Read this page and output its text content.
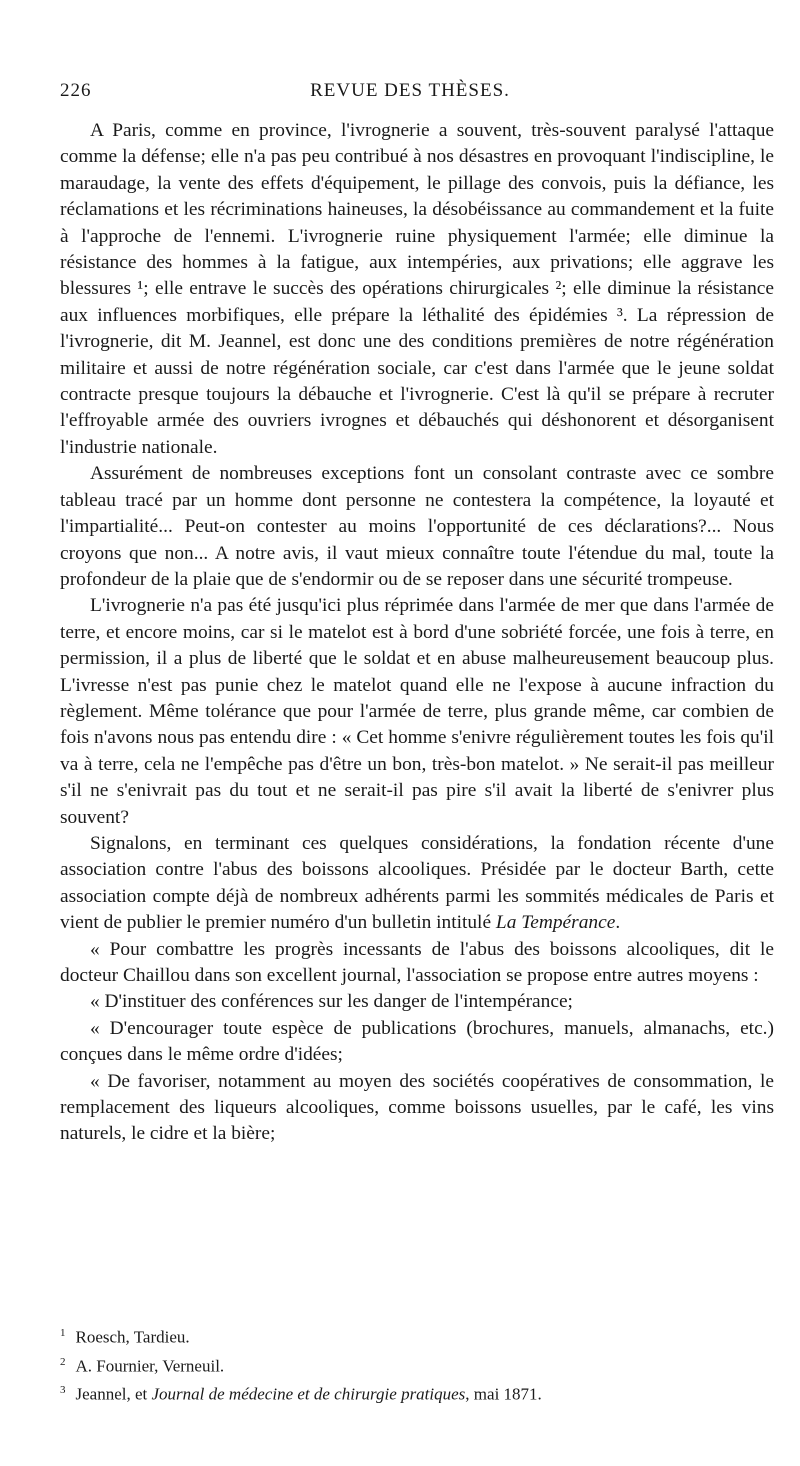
226	REVUE DES THÈSES.

A Paris, comme en province, l'ivrognerie a souvent, très-souvent paralysé l'attaque comme la défense; elle n'a pas peu contribué à nos désastres en provoquant l'indiscipline, le maraudage, la vente des effets d'équipement, le pillage des convois, puis la défiance, les réclamations et les récriminations haineuses, la désobéissance au commandement et la fuite à l'approche de l'ennemi. L'ivrognerie ruine physiquement l'armée; elle diminue la résistance des hommes à la fatigue, aux intempéries, aux privations; elle aggrave les blessures ¹; elle entrave le succès des opérations chirurgicales ²; elle diminue la résistance aux influences morbifiques, elle prépare la léthalité des épidémies ³. La répression de l'ivrognerie, dit M. Jeannel, est donc une des conditions premières de notre régénération militaire et aussi de notre régénération sociale, car c'est dans l'armée que le jeune soldat contracte presque toujours la débauche et l'ivrognerie. C'est là qu'il se prépare à recruter l'effroyable armée des ouvriers ivrognes et débauchés qui déshonorent et désorganisent l'industrie nationale.

Assurément de nombreuses exceptions font un consolant contraste avec ce sombre tableau tracé par un homme dont personne ne contestera la compétence, la loyauté et l'impartialité... Peut-on contester au moins l'opportunité de ces déclarations?... Nous croyons que non... A notre avis, il vaut mieux connaître toute l'étendue du mal, toute la profondeur de la plaie que de s'endormir ou de se reposer dans une sécurité trompeuse.

L'ivrognerie n'a pas été jusqu'ici plus réprimée dans l'armée de mer que dans l'armée de terre, et encore moins, car si le matelot est à bord d'une sobriété forcée, une fois à terre, en permission, il a plus de liberté que le soldat et en abuse malheureusement beaucoup plus. L'ivresse n'est pas punie chez le matelot quand elle ne l'expose à aucune infraction du règlement. Même tolérance que pour l'armée de terre, plus grande même, car combien de fois n'avons nous pas entendu dire : « Cet homme s'enivre régulièrement toutes les fois qu'il va à terre, cela ne l'empêche pas d'être un bon, très-bon matelot. » Ne serait-il pas meilleur s'il ne s'enivrait pas du tout et ne serait-il pas pire s'il avait la liberté de s'enivrer plus souvent?

Signalons, en terminant ces quelques considérations, la fondation récente d'une association contre l'abus des boissons alcooliques. Présidée par le docteur Barth, cette association compte déjà de nombreux adhérents parmi les sommités médicales de Paris et vient de publier le premier numéro d'un bulletin intitulé La Tempérance.

« Pour combattre les progrès incessants de l'abus des boissons alcooliques, dit le docteur Chaillou dans son excellent journal, l'association se propose entre autres moyens :

« D'instituer des conférences sur les danger de l'intempérance;

« D'encourager toute espèce de publications (brochures, manuels, almanachs, etc.) conçues dans le même ordre d'idées;

« De favoriser, notamment au moyen des sociétés coopératives de consommation, le remplacement des liqueurs alcooliques, comme boissons usuelles, par le café, les vins naturels, le cidre et la bière;

$^1$ Roesch, Tardieu.

$^2$ A. Fournier, Verneuil.

$^3$ Jeannel, et Journal de médecine et de chirurgie pratiques, mai 1871.
